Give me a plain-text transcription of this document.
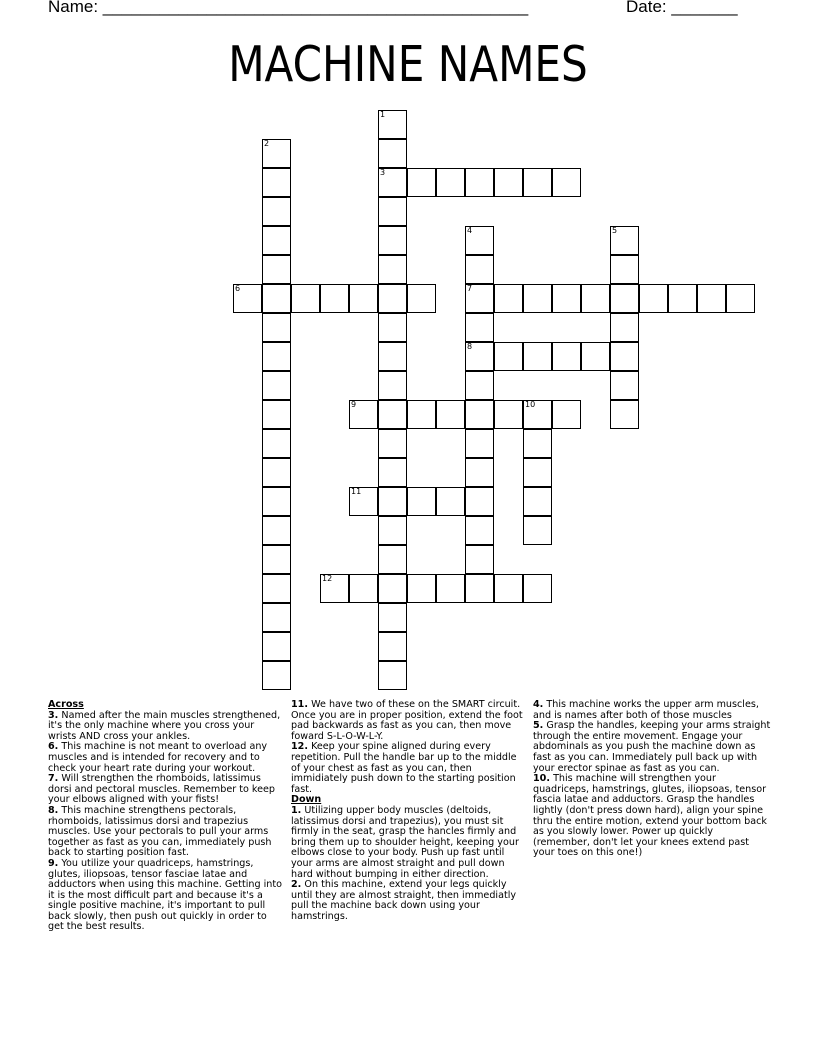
Name: _____________________________________________	Date: _______
MACHINE NAMES
1
3
2
4
7
8
5
6
9	10
11
12
Across
3. Named after the main muscles strengthened, it's the only machine where you cross your wrists AND cross your ankles.
6. This machine is not meant to overload any muscles and is intended for recovery and to check your heart rate during your workout.
7. Will strengthen the rhomboids, latissimus dorsi and pectoral muscles. Remember to keep your elbows aligned with your fists!
8. This machine strengthens pectorals, rhomboids, latissimus dorsi and trapezius muscles. Use your pectorals to pull your arms together as fast as you can, immediately push back to starting position fast.
9. You utilize your quadriceps, hamstrings, glutes, iliopsoas, tensor fasciae latae and adductors when using this machine. Getting into it is the most difficult part and because it's a single positive machine, it's important to pull back slowly, then push out quickly in order to get the best results.
11. We have two of these on the SMART circuit. Once you are in proper position, extend the foot pad backwards as fast as you can, then move foward S-L-O-W-L-Y.
12. Keep your spine aligned during every repetition. Pull the handle bar up to the middle of your chest as fast as you can, then immidiately push down to the starting position fast.
Down
1. Utilizing upper body muscles (deltoids, latissimus dorsi and trapezius), you must sit firmly in the seat, grasp the hancles firmly and bring them up to shoulder height, keeping your elbows close to your body. Push up fast until your arms are almost straight and pull down hard without bumping in either direction.
2. On this machine, extend your legs quickly until they are almost straight, then immediatly pull the machine back down using your hamstrings.
4. This machine works the upper arm muscles, and is names after both of those muscles
5. Grasp the handles, keeping your arms straight through the entire movement. Engage your abdominals as you push the machine down as fast as you can. Immediately pull back up with your erector spinae as fast as you can.
10. This machine will strengthen your quadriceps, hamstrings, glutes, iliopsoas, tensor fascia latae and adductors. Grasp the handles lightly (don't press down hard), align your spine thru the entire motion, extend your bottom back as you slowly lower. Power up quickly (remember, don't let your knees extend past your toes on this one!)
